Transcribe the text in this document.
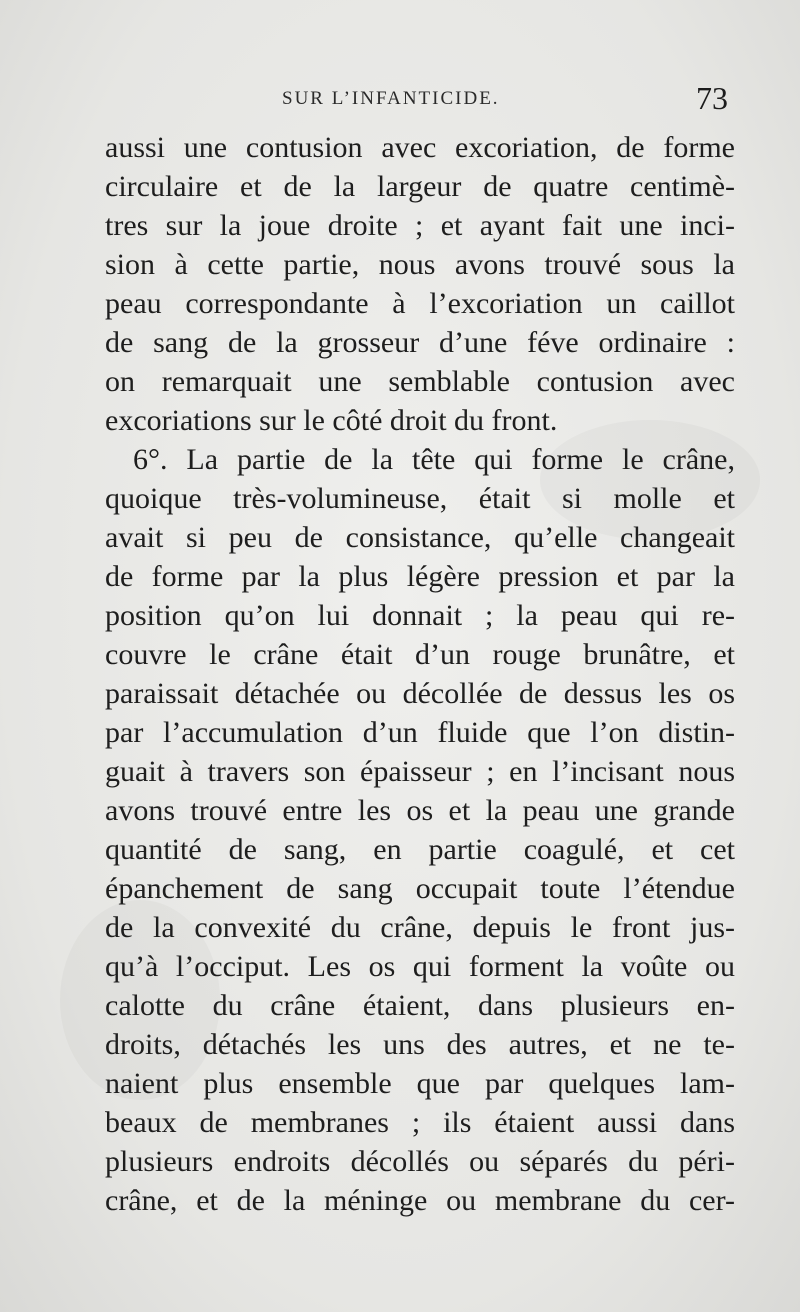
SUR L’INFANTICIDE.	73
aussi une contusion avec excoriation, de forme
circulaire et de la largeur de quatre centimè-
tres sur la joue droite ; et ayant fait une inci-
sion à cette partie, nous avons trouvé sous la
peau correspondante à l’excoriation un caillot
de sang de la grosseur d’une féve ordinaire :
on remarquait une semblable contusion avec
excoriations sur le côté droit du front.
6°. La partie de la tête qui forme le crâne,
quoique très-volumineuse, était si molle et
avait si peu de consistance, qu’elle changeait
de forme par la plus légère pression et par la
position qu’on lui donnait ; la peau qui re-
couvre le crâne était d’un rouge brunâtre, et
paraissait détachée ou décollée de dessus les os
par l’accumulation d’un fluide que l’on distin-
guait à travers son épaisseur ; en l’incisant nous
avons trouvé entre les os et la peau une grande
quantité de sang, en partie coagulé, et cet
épanchement de sang occupait toute l’étendue
de la convexité du crâne, depuis le front jus-
qu’à l’occiput. Les os qui forment la voûte ou
calotte du crâne étaient, dans plusieurs en-
droits, détachés les uns des autres, et ne te-
naient plus ensemble que par quelques lam-
beaux de membranes ; ils étaient aussi dans
plusieurs endroits décollés ou séparés du péri-
crâne, et de la méninge ou membrane du cer-
